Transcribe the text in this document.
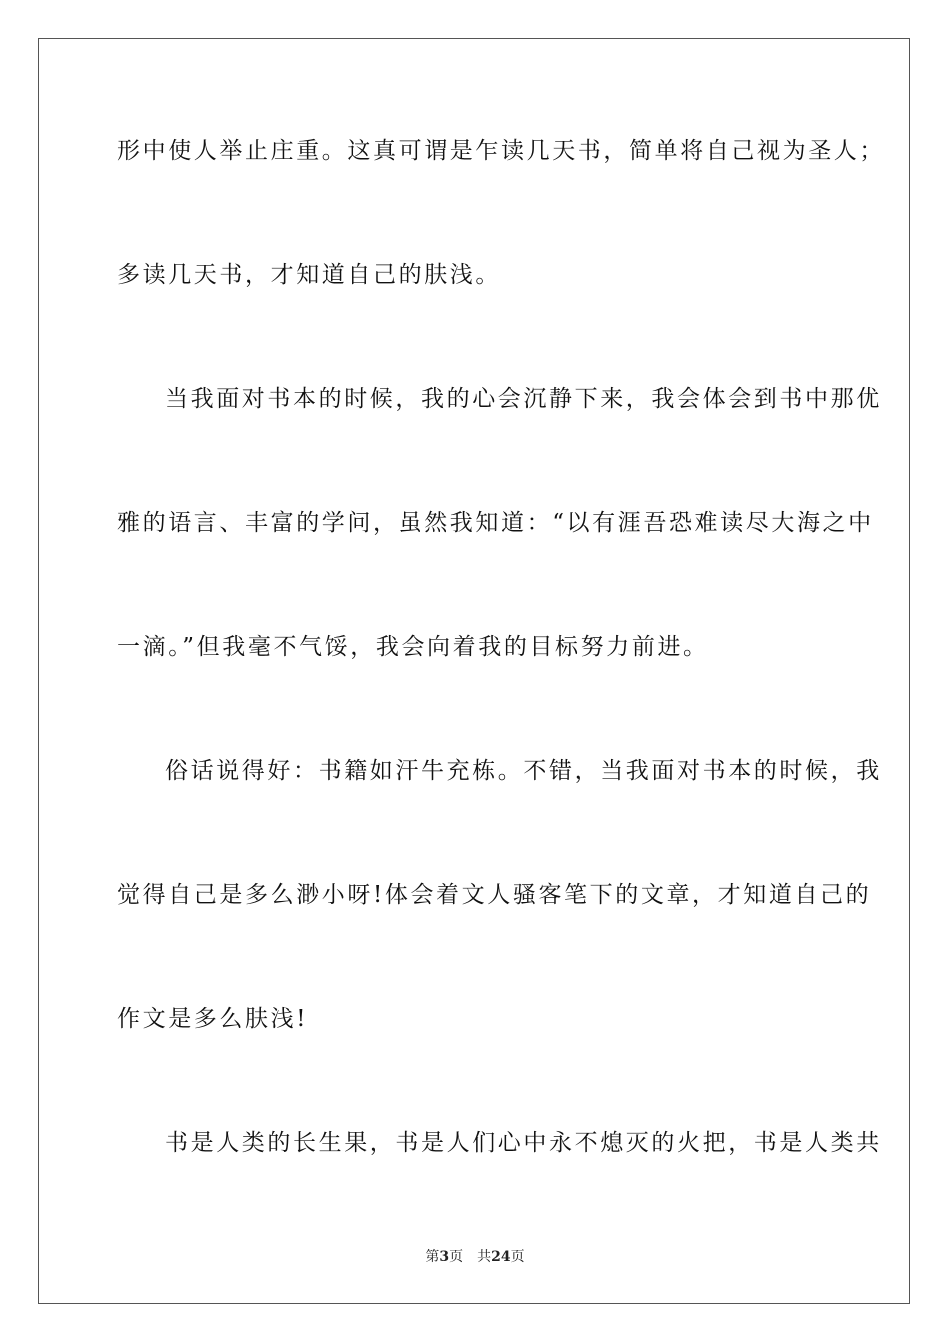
形中使人举止庄重。这真可谓是乍读几天书，简单将自己视为圣人；
多读几天书，才知道自己的肤浅。
当我面对书本的时候，我的心会沉静下来，我会体会到书中那优
雅的语言、丰富的学问，虽然我知道：“以有涯吾恐难读尽大海之中
一滴。”但我毫不气馁，我会向着我的目标努力前进。
俗话说得好：书籍如汗牛充栋。不错，当我面对书本的时候，我
觉得自己是多么渺小呀!体会着文人骚客笔下的文章，才知道自己的
作文是多么肤浅!
书是人类的长生果，书是人们心中永不熄灭的火把，书是人类共
第3页 共24页
